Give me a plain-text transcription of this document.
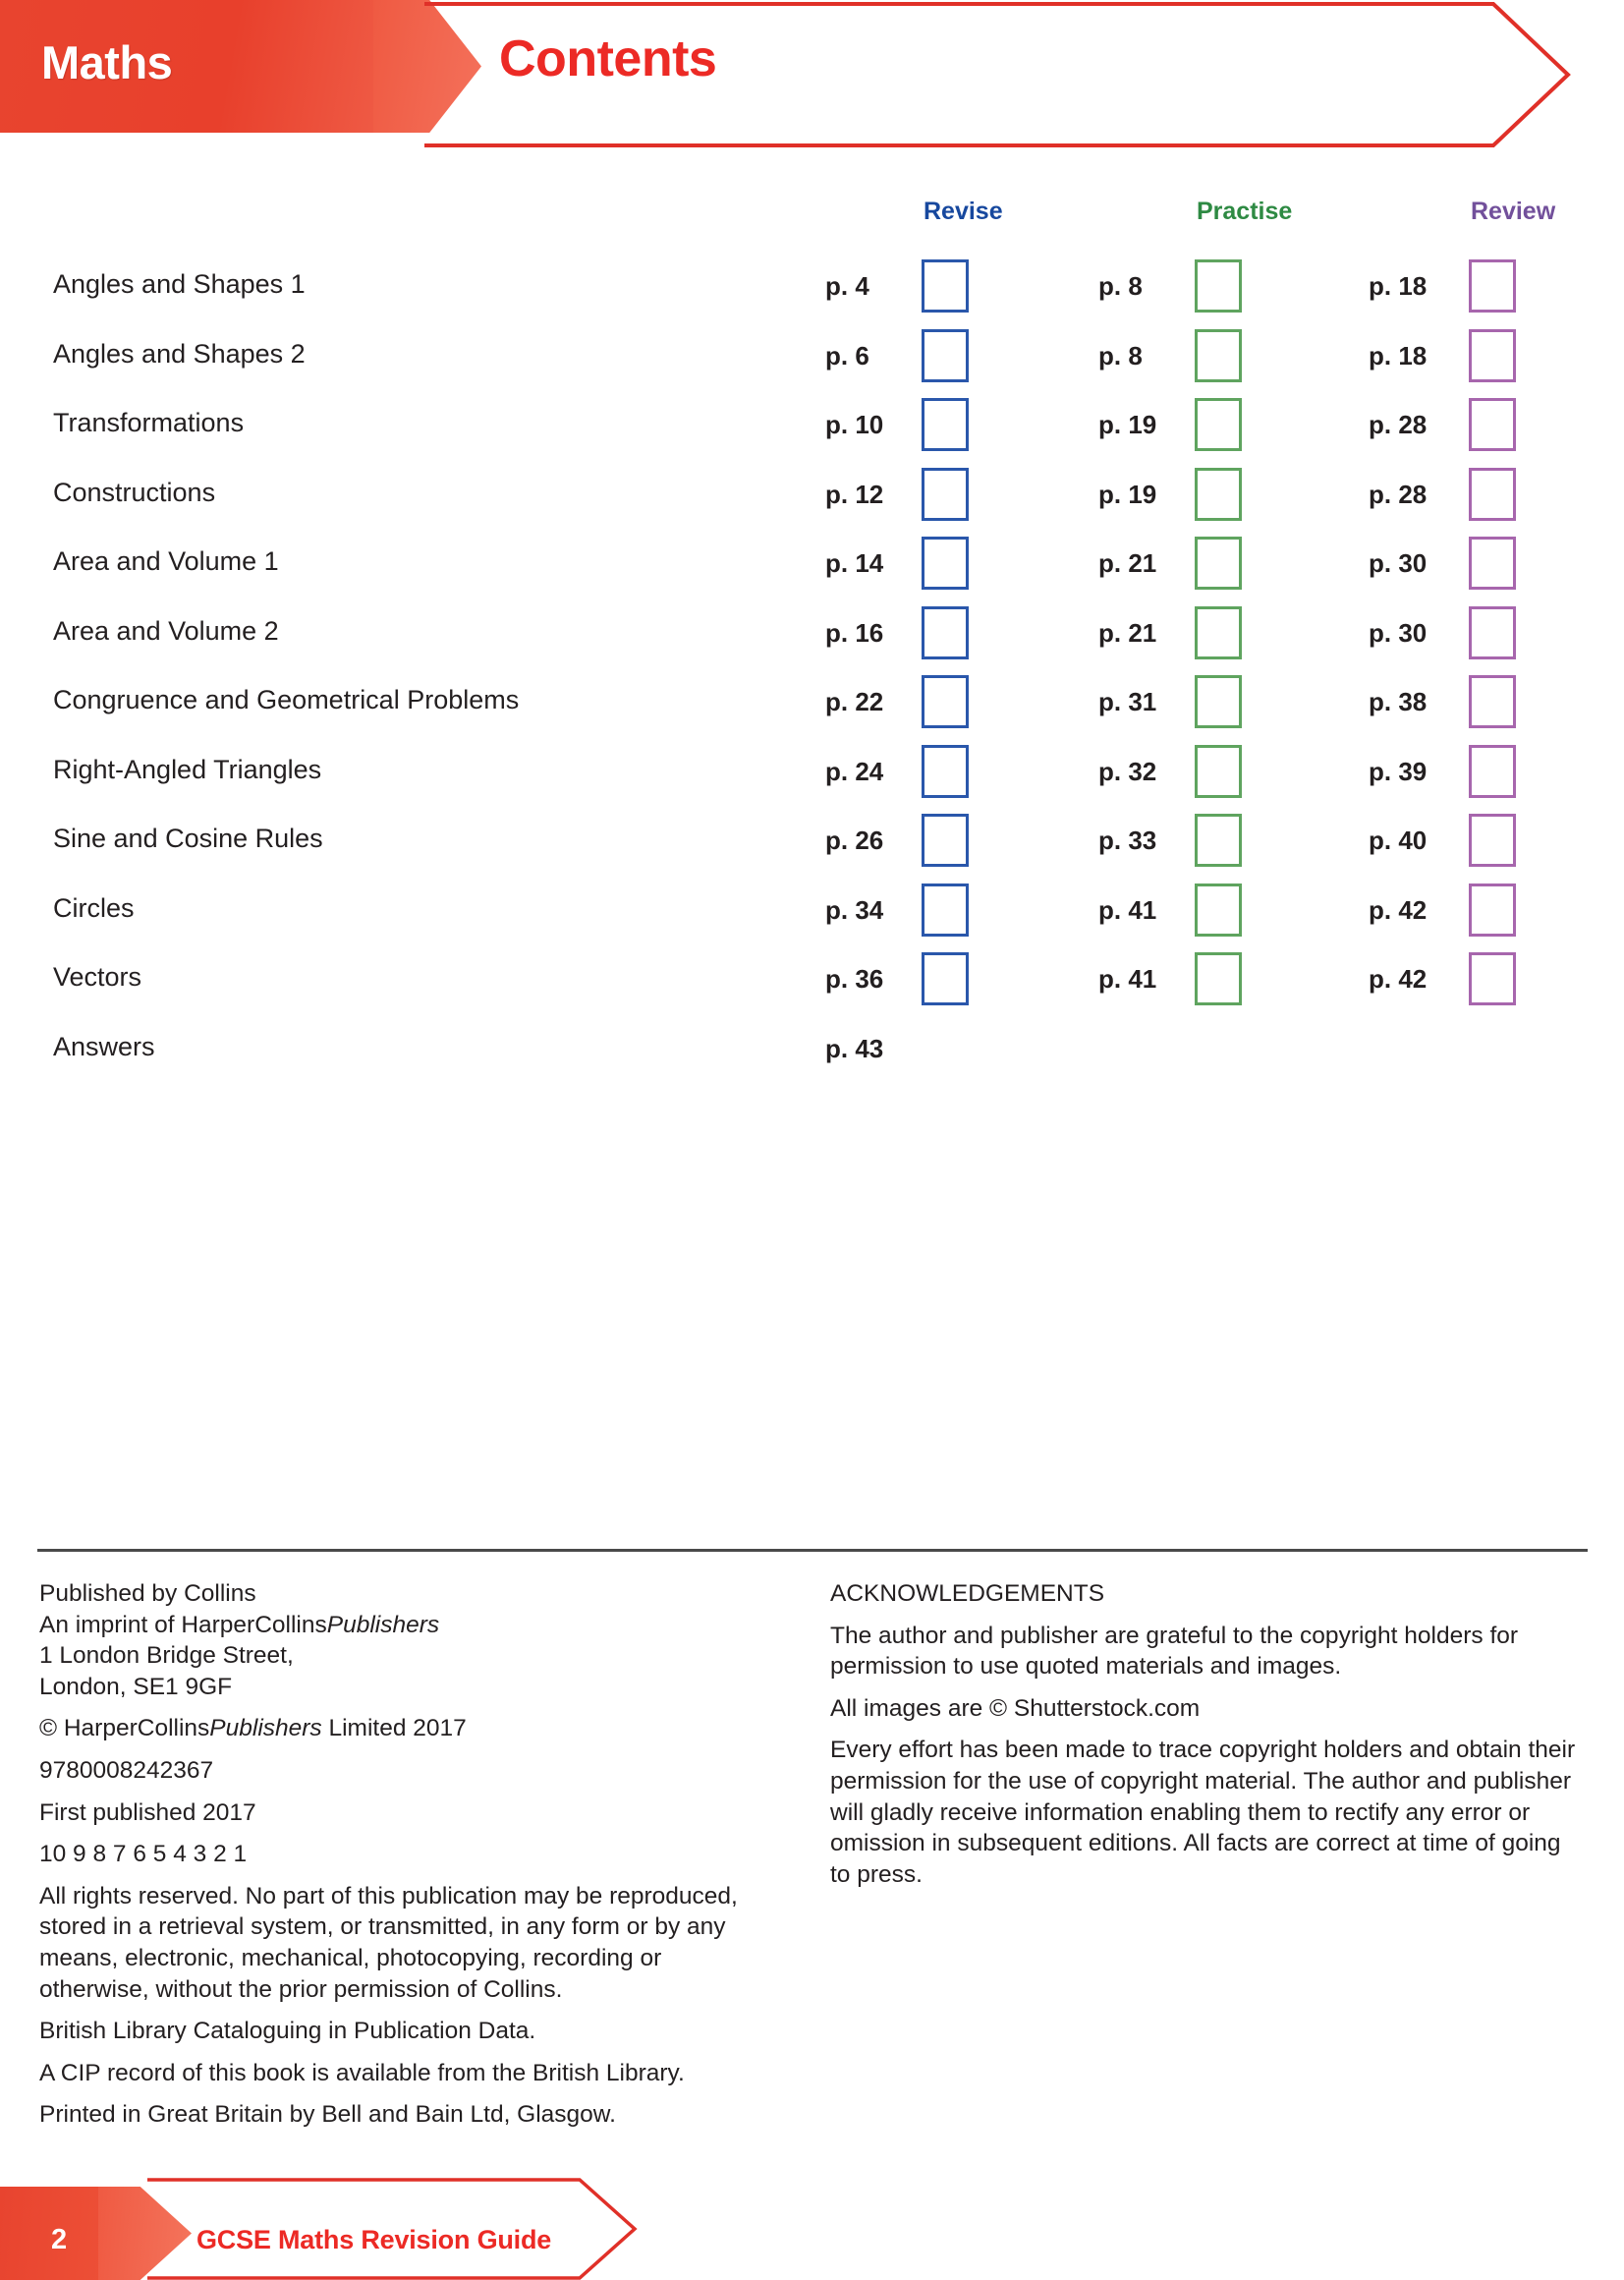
Maths	Contents
Revise	Practise	Review
Angles and Shapes 1	p. 4	p. 8	p. 18
Angles and Shapes 2	p. 6	p. 8	p. 18
Transformations	p. 10	p. 19	p. 28
Constructions	p. 12	p. 19	p. 28
Area and Volume 1	p. 14	p. 21	p. 30
Area and Volume 2	p. 16	p. 21	p. 30
Congruence and Geometrical Problems	p. 22	p. 31	p. 38
Right-Angled Triangles	p. 24	p. 32	p. 39
Sine and Cosine Rules	p. 26	p. 33	p. 40
Circles	p. 34	p. 41	p. 42
Vectors	p. 36	p. 41	p. 42
Answers	p. 43
Published by Collins
An imprint of HarperCollinsPublishers
1 London Bridge Street,
London, SE1 9GF
© HarperCollinsPublishers Limited 2017
9780008242367
First published 2017
10 9 8 7 6 5 4 3 2 1
All rights reserved. No part of this publication may be reproduced, stored in a retrieval system, or transmitted, in any form or by any means, electronic, mechanical, photocopying, recording or otherwise, without the prior permission of Collins.
British Library Cataloguing in Publication Data.
A CIP record of this book is available from the British Library.
Printed in Great Britain by Bell and Bain Ltd, Glasgow.
ACKNOWLEDGEMENTS
The author and publisher are grateful to the copyright holders for permission to use quoted materials and images.
All images are © Shutterstock.com
Every effort has been made to trace copyright holders and obtain their permission for the use of copyright material. The author and publisher will gladly receive information enabling them to rectify any error or omission in subsequent editions. All facts are correct at time of going to press.
2	GCSE Maths Revision Guide
